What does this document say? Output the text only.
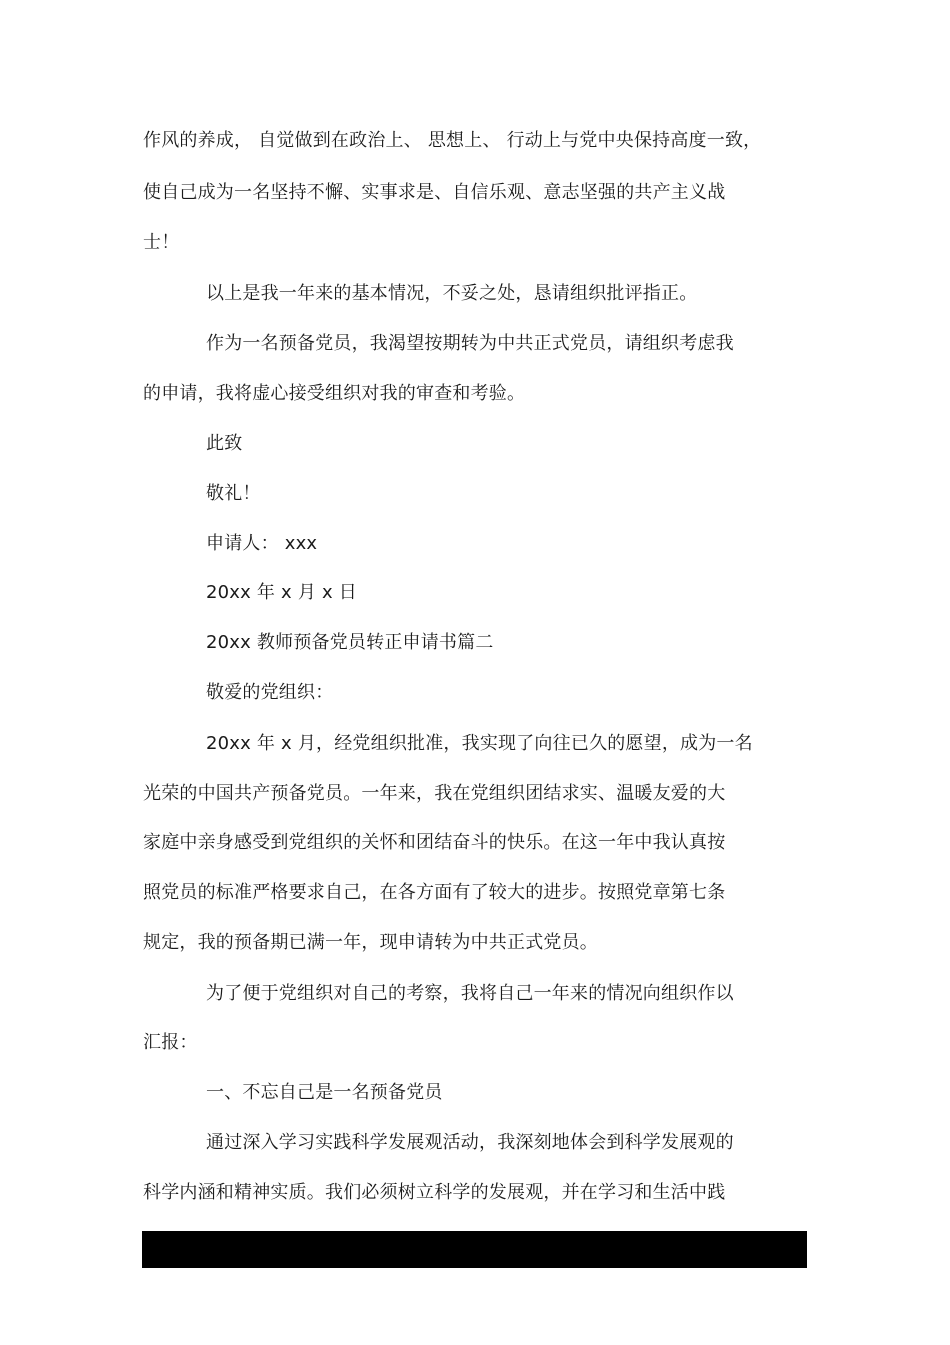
作风的养成， 自觉做到在政治上、 思想上、 行动上与党中央保持高度一致，
使自己成为一名坚持不懈、实事求是、自信乐观、意志坚强的共产主义战
士！
以上是我一年来的基本情况，不妥之处，恳请组织批评指正。
作为一名预备党员，我渴望按期转为中共正式党员，请组织考虑我
的申请，我将虚心接受组织对我的审查和考验。
此致
敬礼！
申请人： xxx
20xx 年 x 月 x 日
20xx 教师预备党员转正申请书篇二
敬爱的党组织：
20xx 年 x 月，经党组织批准，我实现了向往已久的愿望，成为一名
光荣的中国共产预备党员。一年来，我在党组织团结求实、温暖友爱的大
家庭中亲身感受到党组织的关怀和团结奋斗的快乐。在这一年中我认真按
照党员的标准严格要求自己，在各方面有了较大的进步。按照党章第七条
规定，我的预备期已满一年，现申请转为中共正式党员。
为了便于党组织对自己的考察，我将自己一年来的情况向组织作以
汇报：
一、不忘自己是一名预备党员
通过深入学习实践科学发展观活动，我深刻地体会到科学发展观的
科学内涵和精神实质。我们必须树立科学的发展观，并在学习和生活中践
